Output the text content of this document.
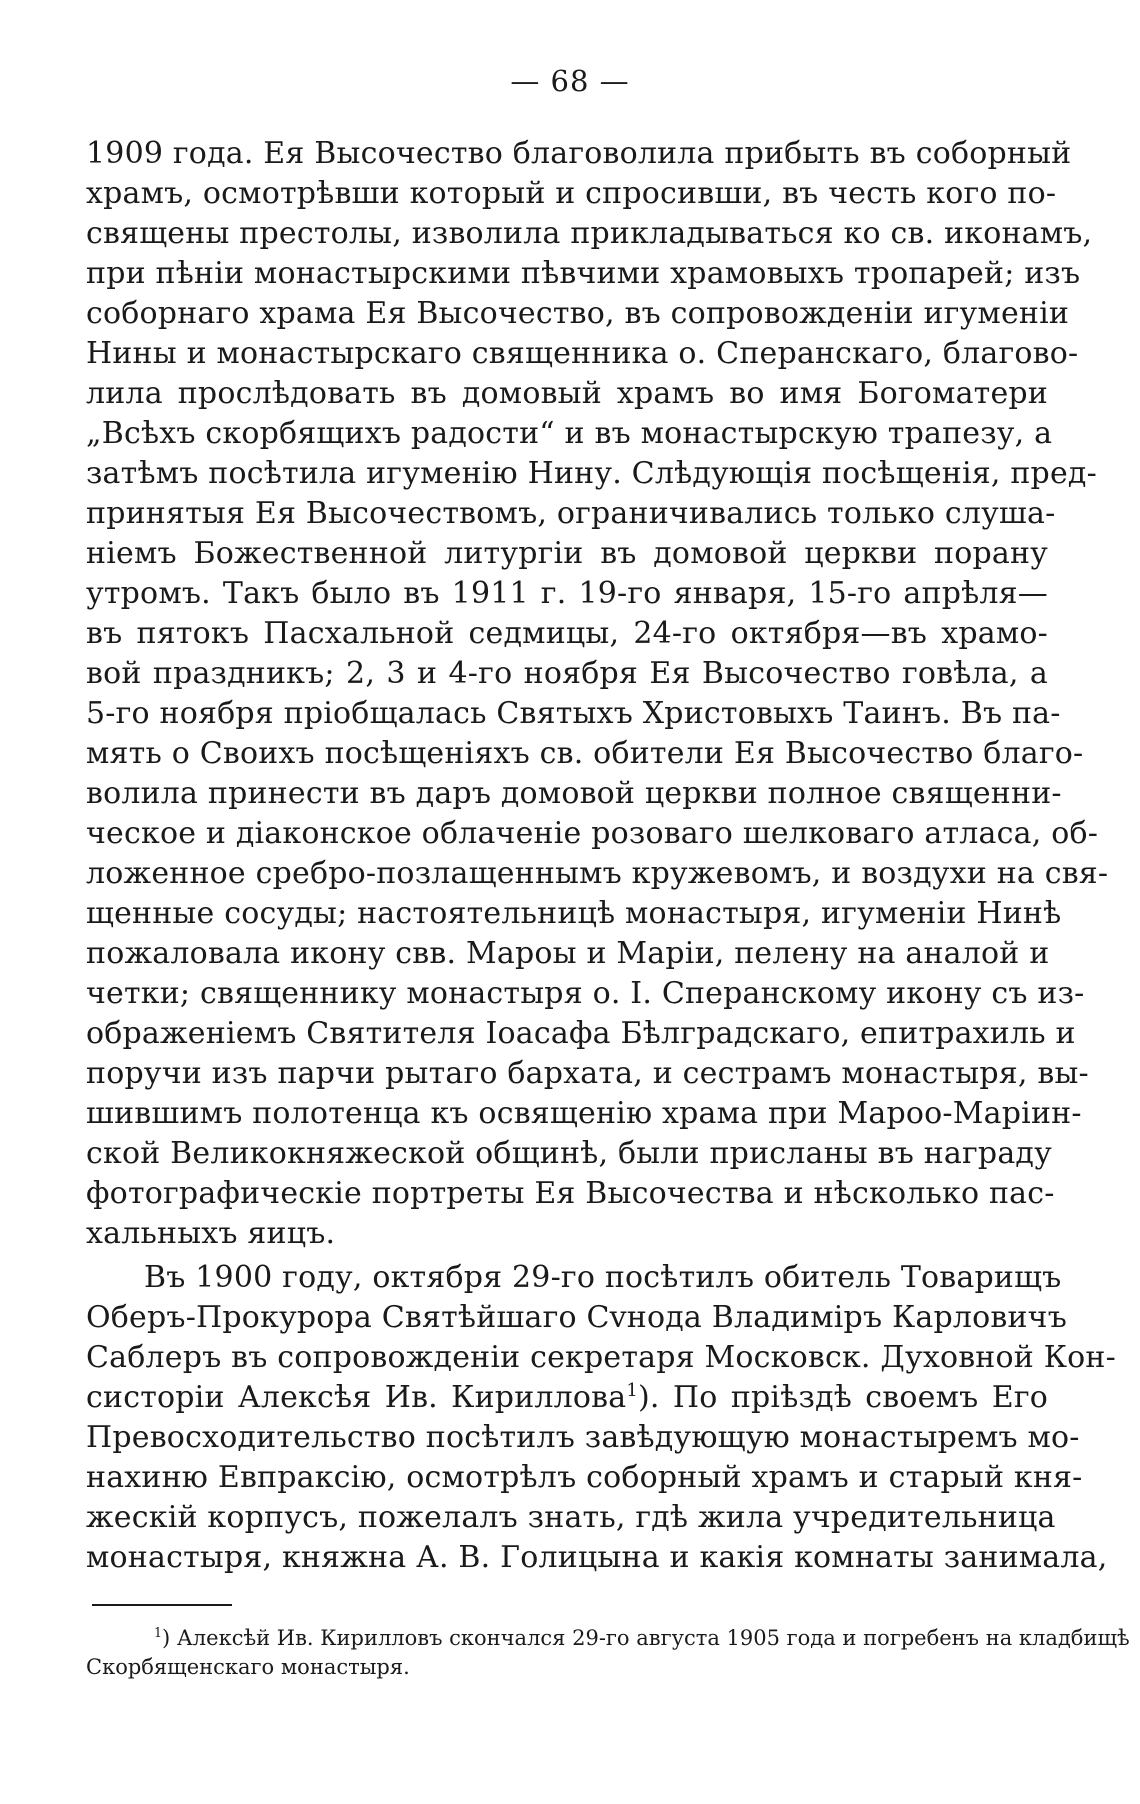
— 68 —
1909 года. Ея Высочество благоволила прибыть въ соборный
храмъ, осмотрѣвши который и спросивши, въ честь кого по-
священы престолы, изволила прикладываться ко св. иконамъ,
при пѣніи монастырскими пѣвчими храмовыхъ тропарей; изъ
соборнаго храма Ея Высочество, въ сопровожденіи игуменіи
Нины и монастырскаго священника о. Сперанскаго, благово-
лила прослѣдовать въ домовый храмъ во имя Богоматери
„Всѣхъ скорбящихъ радости“ и въ монастырскую трапезу, а
затѣмъ посѣтила игуменію Нину. Слѣдующія посѣщенія, пред-
принятыя Ея Высочествомъ, ограничивались только слуша-
ніемъ Божественной литургіи въ домовой церкви порану
утромъ. Такъ было въ 1911 г. 19-го января, 15-го апрѣля—
въ пятокъ Пасхальной седмицы, 24-го октября—въ храмо-
вой праздникъ; 2, 3 и 4-го ноября Ея Высочество говѣла, а
5-го ноября пріобщалась Святыхъ Христовыхъ Таинъ. Въ па-
мять о Своихъ посѣщеніяхъ св. обители Ея Высочество благо-
волила принести въ даръ домовой церкви полное священни-
ческое и діаконское облаченіе розоваго шелковаго атласа, об-
ложенное сребро-позлащеннымъ кружевомъ, и воздухи на свя-
щенные сосуды; настоятельницѣ монастыря, игуменіи Нинѣ
пожаловала икону свв. Мароы и Маріи, пелену на аналой и
четки; священнику монастыря о. І. Сперанскому икону съ из-
ображеніемъ Святителя Іоасафа Бѣлградскаго, епитрахиль и
поручи изъ парчи рытаго бархата, и сестрамъ монастыря, вы-
шившимъ полотенца къ освященію храма при Мароо-Маріин-
ской Великокняжеской общинѣ, были присланы въ награду
фотографическіе портреты Ея Высочества и нѣсколько пас-
хальныхъ яицъ.
Въ 1900 году, октября 29-го посѣтилъ обитель Товарищъ
Оберъ-Прокурора Святѣйшаго Сvнода Владиміръ Карловичъ
Саблеръ въ сопровожденіи секретаря Московск. Духовной Кон-
систоріи Алексѣя Ив. Кириллова$^1$). По пріѣздѣ своемъ Его
Превосходительство посѣтилъ завѣдующую монастыремъ мо-
нахиню Евпраксію, осмотрѣлъ соборный храмъ и старый кня-
жескій корпусъ, пожелалъ знать, гдѣ жила учредительница
монастыря, княжна А. В. Голицына и какія комнаты занимала,
$^1$) Алексѣй Ив. Кирилловъ скончался 29-го августа 1905 года и погребенъ на кладбищѣ
Скорбященскаго монастыря.
